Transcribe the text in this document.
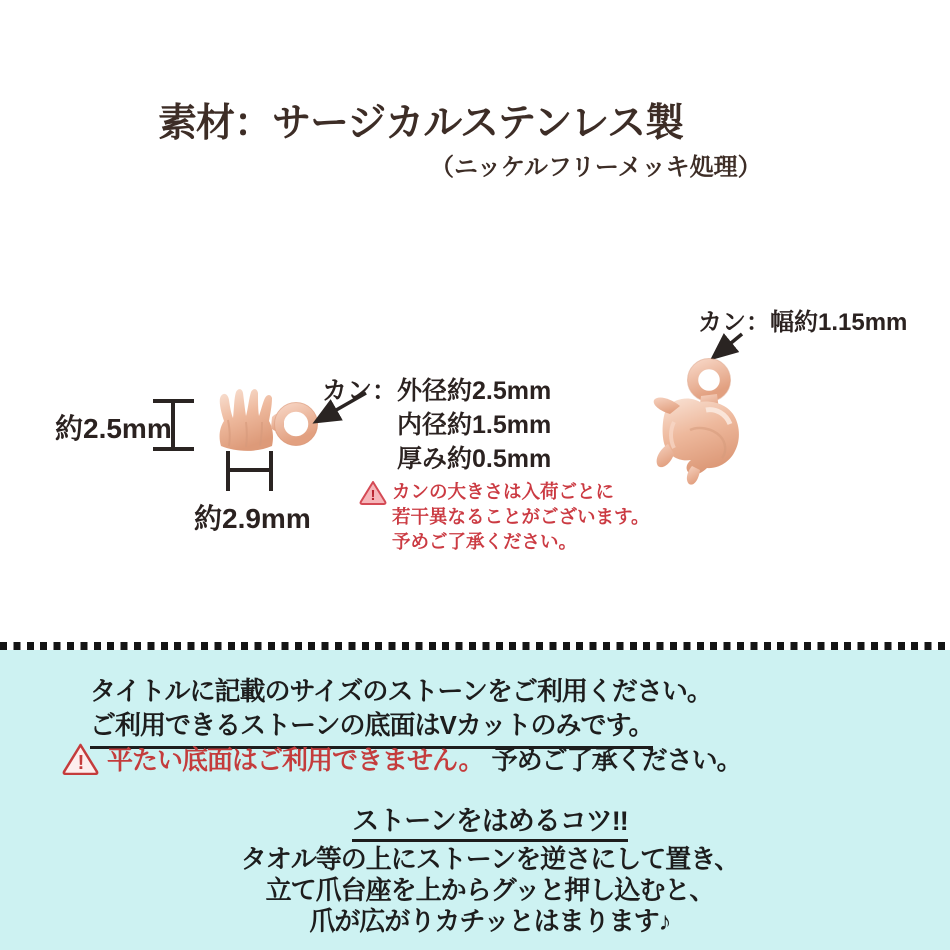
素材：サージカルステンレス製
（ニッケルフリーメッキ処理）
カン：幅約1.15mm
約2.5mm
約2.9mm
カン：外径約2.5mm
内径約1.5mm
厚み約0.5mm
! カンの大きさは入荷ごとに
若干異なることがございます。
予めご了承ください。
タイトルに記載のサイズのストーンをご利用ください。
ご利用できるストーンの底面はVカットのみです。
! 平たい底面はご利用できません。 予めご了承ください。
ストーンをはめるコツ!!
タオル等の上にストーンを逆さにして置き、
立て爪台座を上からグッと押し込むと、
爪が広がりカチッとはまります♪
